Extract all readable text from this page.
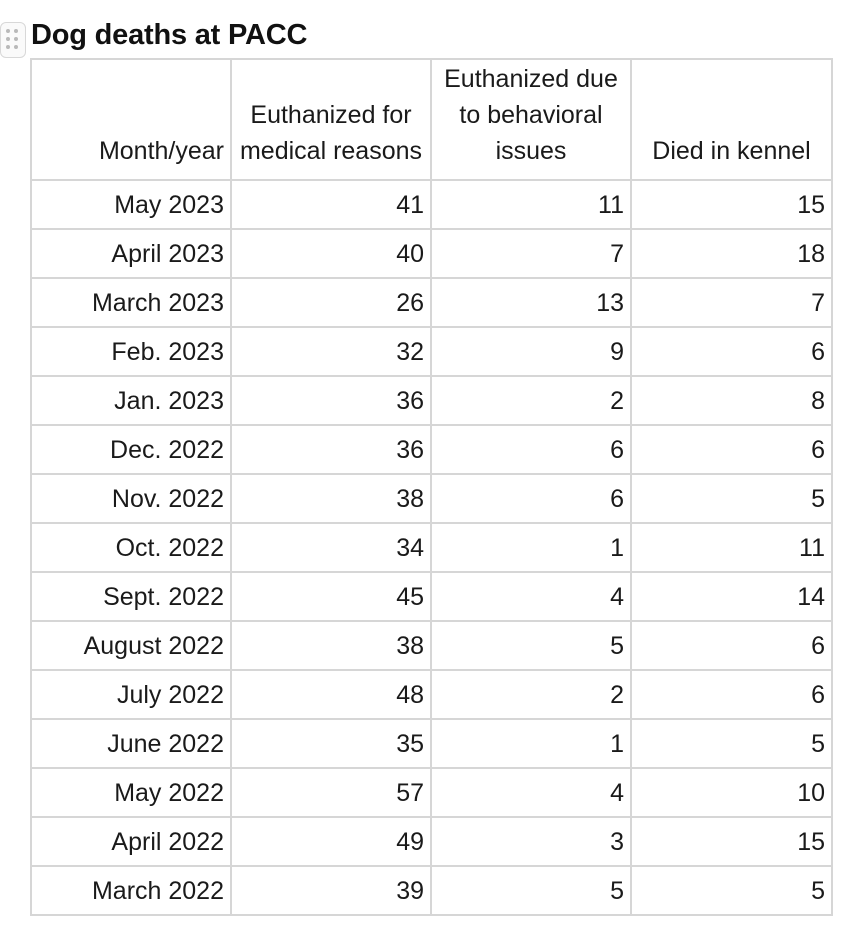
Dog deaths at PACC
Month/year	Euthanized for medical reasons	Euthanized due to behavioral issues	Died in kennel
May 2023	41	11	15
April 2023	40	7	18
March 2023	26	13	7
Feb. 2023	32	9	6
Jan. 2023	36	2	8
Dec. 2022	36	6	6
Nov. 2022	38	6	5
Oct. 2022	34	1	11
Sept. 2022	45	4	14
August 2022	38	5	6
July 2022	48	2	6
June 2022	35	1	5
May 2022	57	4	10
April 2022	49	3	15
March 2022	39	5	5
